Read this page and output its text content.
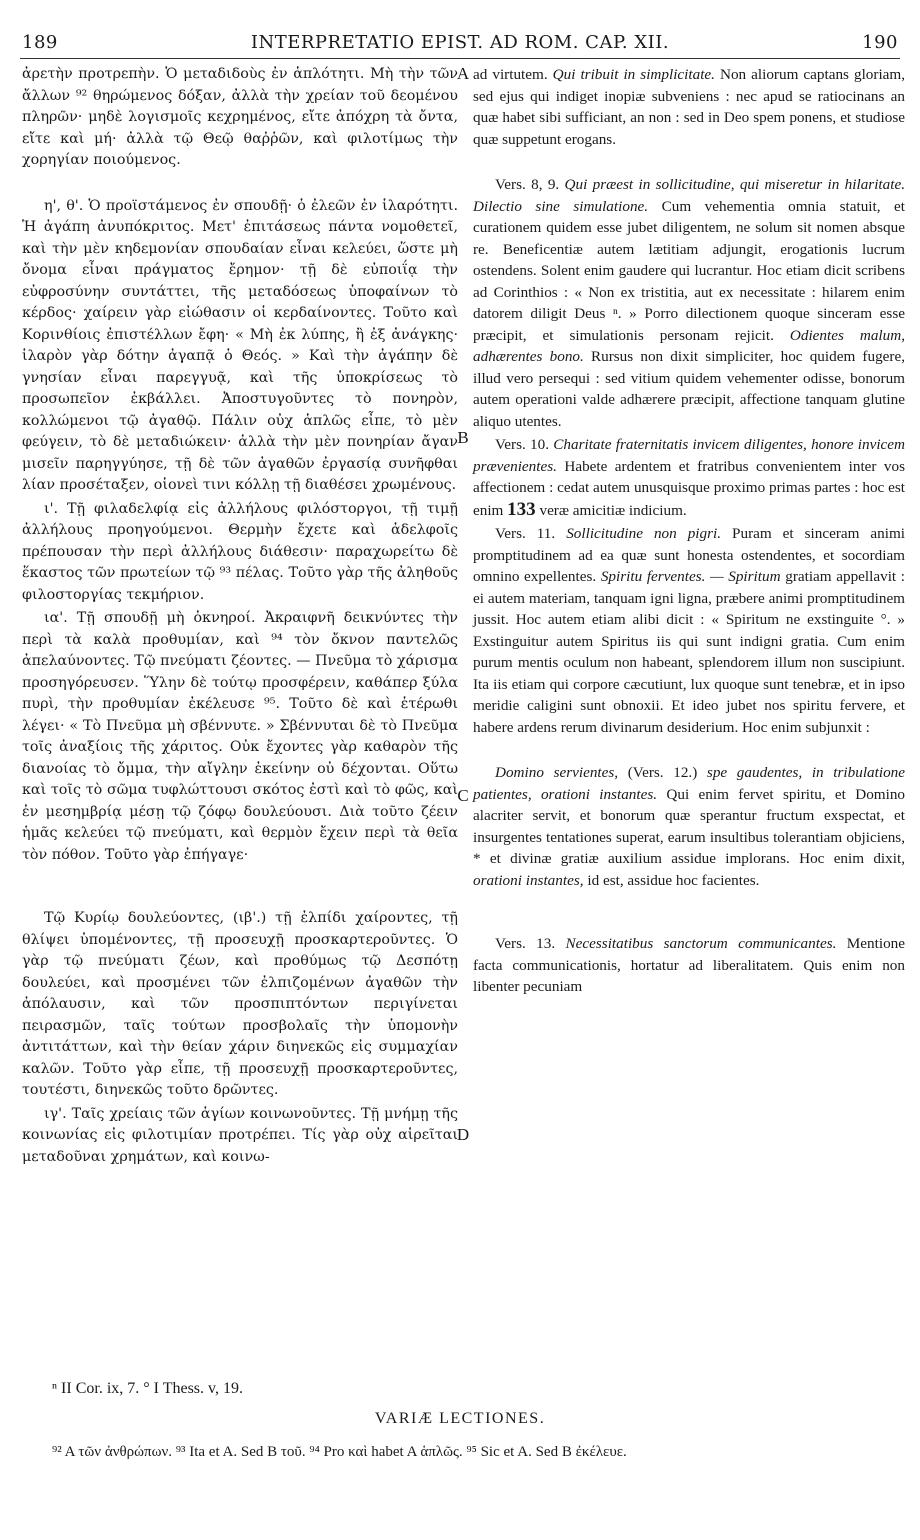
189	INTERPRETATIO EPIST. AD ROM. CAP. XII.	190
A
B
C
D

ἀρετὴν προτρεπὴν. Ὁ μεταδιδοὺς ἐν ἁπλότητι. Μὴ τὴν τῶν ἄλλων ⁹² θηρώμενος δόξαν, ἀλλὰ τὴν χρείαν τοῦ δεομένου πληρῶν· μηδὲ λογισμοῖς κεχρημένος, εἴτε ἀπόχρη τὰ ὄντα, εἴτε καὶ μή· ἀλλὰ τῷ Θεῷ θαῤῥῶν, καὶ φιλοτίμως τὴν χορηγίαν ποιούμενος.

η', θ'. Ὁ προϊστάμενος ἐν σπουδῇ· ὁ ἐλεῶν ἐν ἱλαρότητι. Ἡ ἀγάπη ἀνυπόκριτος. Μετ' ἐπιτάσεως πάντα νομοθετεῖ, καὶ τὴν μὲν κηδεμονίαν σπουδαίαν εἶναι κελεύει, ὥστε μὴ ὄνομα εἶναι πράγματος ἔρημον· τῇ δὲ εὐποιΐᾳ τὴν εὐφροσύνην συντάττει, τῆς μεταδόσεως ὑποφαίνων τὸ κέρδος· χαίρειν γὰρ εἰώθασιν οἱ κερδαίνοντες. Τοῦτο καὶ Κορινθίοις ἐπιστέλλων ἔφη· « Μὴ ἐκ λύπης, ἢ ἐξ ἀνάγκης· ἱλαρὸν γὰρ δότην ἀγαπᾷ ὁ Θεός. » Καὶ τὴν ἀγάπην δὲ γνησίαν εἶναι παρεγγυᾷ, καὶ τῆς ὑποκρίσεως τὸ προσωπεῖον ἐκβάλλει. Ἀποστυγοῦντες τὸ πονηρὸν, κολλώμενοι τῷ ἀγαθῷ. Πάλιν οὐχ ἁπλῶς εἶπε, τὸ μὲν φεύγειν, τὸ δὲ μεταδιώκειν· ἀλλὰ τὴν μὲν πονηρίαν ἄγαν μισεῖν παρηγγύησε, τῇ δὲ τῶν ἀγαθῶν ἐργασίᾳ συνῆφθαι λίαν προσέταξεν, οἱονεὶ τινι κόλλῃ τῇ διαθέσει χρωμένους.

ι'. Τῇ φιλαδελφίᾳ εἰς ἀλλήλους φιλόστοργοι, τῇ τιμῇ ἀλλήλους προηγούμενοι. Θερμὴν ἔχετε καὶ ἀδελφοῖς πρέπουσαν τὴν περὶ ἀλλήλους διάθεσιν· παραχωρείτω δὲ ἕκαστος τῶν πρωτείων τῷ ⁹³ πέλας. Τοῦτο γὰρ τῆς ἀληθοῦς φιλοστοργίας τεκμήριον.

ια'. Τῇ σπουδῇ μὴ ὀκνηροί. Ἀκραιφνῆ δεικνύντες τὴν περὶ τὰ καλὰ προθυμίαν, καὶ ⁹⁴ τὸν ὄκνον παντελῶς ἀπελαύνοντες. Τῷ πνεύματι ζέοντες. — Πνεῦμα τὸ χάρισμα προσηγόρευσεν. Ὕλην δὲ τούτῳ προσφέρειν, καθάπερ ξύλα πυρὶ, τὴν προθυμίαν ἐκέλευσε ⁹⁵. Τοῦτο δὲ καὶ ἑτέρωθι λέγει· « Τὸ Πνεῦμα μὴ σβέννυτε. » Σβέννυται δὲ τὸ Πνεῦμα τοῖς ἀναξίοις τῆς χάριτος. Οὐκ ἔχοντες γὰρ καθαρὸν τῆς διανοίας τὸ ὄμμα, τὴν αἴγλην ἐκείνην οὐ δέχονται. Οὕτω καὶ τοῖς τὸ σῶμα τυφλώττουσι σκότος ἐστὶ καὶ τὸ φῶς, καὶ ἐν μεσημβρίᾳ μέσῃ τῷ ζόφῳ δουλεύουσι. Διὰ τοῦτο ζέειν ἡμᾶς κελεύει τῷ πνεύματι, καὶ θερμὸν ἔχειν περὶ τὰ θεῖα τὸν πόθον. Τοῦτο γὰρ ἐπήγαγε·

Τῷ Κυρίῳ δουλεύοντες, (ιβ'.) τῇ ἐλπίδι χαίροντες, τῇ θλίψει ὑπομένοντες, τῇ προσευχῇ προσκαρτεροῦντες. Ὁ γὰρ τῷ πνεύματι ζέων, καὶ προθύμως τῷ Δεσπότῃ δουλεύει, καὶ προσμένει τῶν ἐλπιζομένων ἀγαθῶν τὴν ἀπόλαυσιν, καὶ τῶν προσπιπτόντων περιγίνεται πειρασμῶν, ταῖς τούτων προσβολαῖς τὴν ὑπομονὴν ἀντιτάττων, καὶ τὴν θείαν χάριν διηνεκῶς εἰς συμμαχίαν καλῶν. Τοῦτο γὰρ εἶπε, τῇ προσευχῇ προσκαρτεροῦντες, τουτέστι, διηνεκῶς τοῦτο δρῶντες.

ιγ'. Ταῖς χρείαις τῶν ἁγίων κοινωνοῦντες. Τῇ μνήμῃ τῆς κοινωνίας εἰς φιλοτιμίαν προτρέπει. Τίς γὰρ οὐχ αἱρεῖται μεταδοῦναι χρημάτων, καὶ κοινω-

ad virtutem. Qui tribuit in simplicitate. Non aliorum captans gloriam, sed ejus qui indiget inopiæ subveniens : nec apud se ratiocinans an quæ habet sibi sufficiant, an non : sed in Deo spem ponens, et studiose quæ suppetunt erogans.

Vers. 8, 9. Qui præest in sollicitudine, qui miseretur in hilaritate. Dilectio sine simulatione. Cum vehementia omnia statuit, et curationem quidem esse jubet diligentem, ne solum sit nomen absque re. Beneficentiæ autem lætitiam adjungit, erogationis lucrum ostendens. Solent enim gaudere qui lucrantur. Hoc etiam dicit scribens ad Corinthios : « Non ex tristitia, aut ex necessitate : hilarem enim datorem diligit Deus ⁿ. » Porro dilectionem quoque sinceram esse præcipit, et simulationis personam rejicit. Odientes malum, adhærentes bono. Rursus non dixit simpliciter, hoc quidem fugere, illud vero persequi : sed vitium quidem vehementer odisse, bonorum autem operationi valde adhærere præcipit, affectione tanquam glutine aliquo utentes.

Vers. 10. Charitate fraternitatis invicem diligentes, honore invicem prævenientes. Habete ardentem et fratribus convenientem inter vos affectionem : cedat autem unusquisque proximo primas partes : hoc est enim 133 veræ amicitiæ indicium.

Vers. 11. Sollicitudine non pigri. Puram et sinceram animi promptitudinem ad ea quæ sunt honesta ostendentes, et socordiam omnino expellentes. Spiritu ferventes. — Spiritum gratiam appellavit : ei autem materiam, tanquam igni ligna, præbere animi promptitudinem jussit. Hoc autem etiam alibi dicit : « Spiritum ne exstinguite °. » Exstinguitur autem Spiritus iis qui sunt indigni gratia. Cum enim purum mentis oculum non habeant, splendorem illum non suscipiunt. Ita iis etiam qui corpore cæcutiunt, lux quoque sunt tenebræ, et in ipso meridie caligini sunt obnoxii. Et ideo jubet nos spiritu fervere, et habere ardens rerum divinarum desiderium. Hoc enim subjunxit :

Domino servientes, (Vers. 12.) spe gaudentes, in tribulatione patientes, orationi instantes. Qui enim fervet spiritu, et Domino alacriter servit, et bonorum quæ sperantur fructum exspectat, et insurgentes tentationes superat, earum insultibus tolerantiam objiciens, * et divinæ gratiæ auxilium assidue implorans. Hoc enim dixit, orationi instantes, id est, assidue hoc facientes.

Vers. 13. Necessitatibus sanctorum communicantes. Mentione facta communicationis, hortatur ad liberalitatem. Quis enim non libenter pecuniam

ⁿ II Cor. ix, 7. ° I Thess. v, 19.
VARIÆ LECTIONES.
⁹² A τῶν ἀνθρώπων. ⁹³ Ita et A. Sed B τοῦ. ⁹⁴ Pro καὶ habet A ἁπλῶς. ⁹⁵ Sic et A. Sed B ἐκέλευε.
